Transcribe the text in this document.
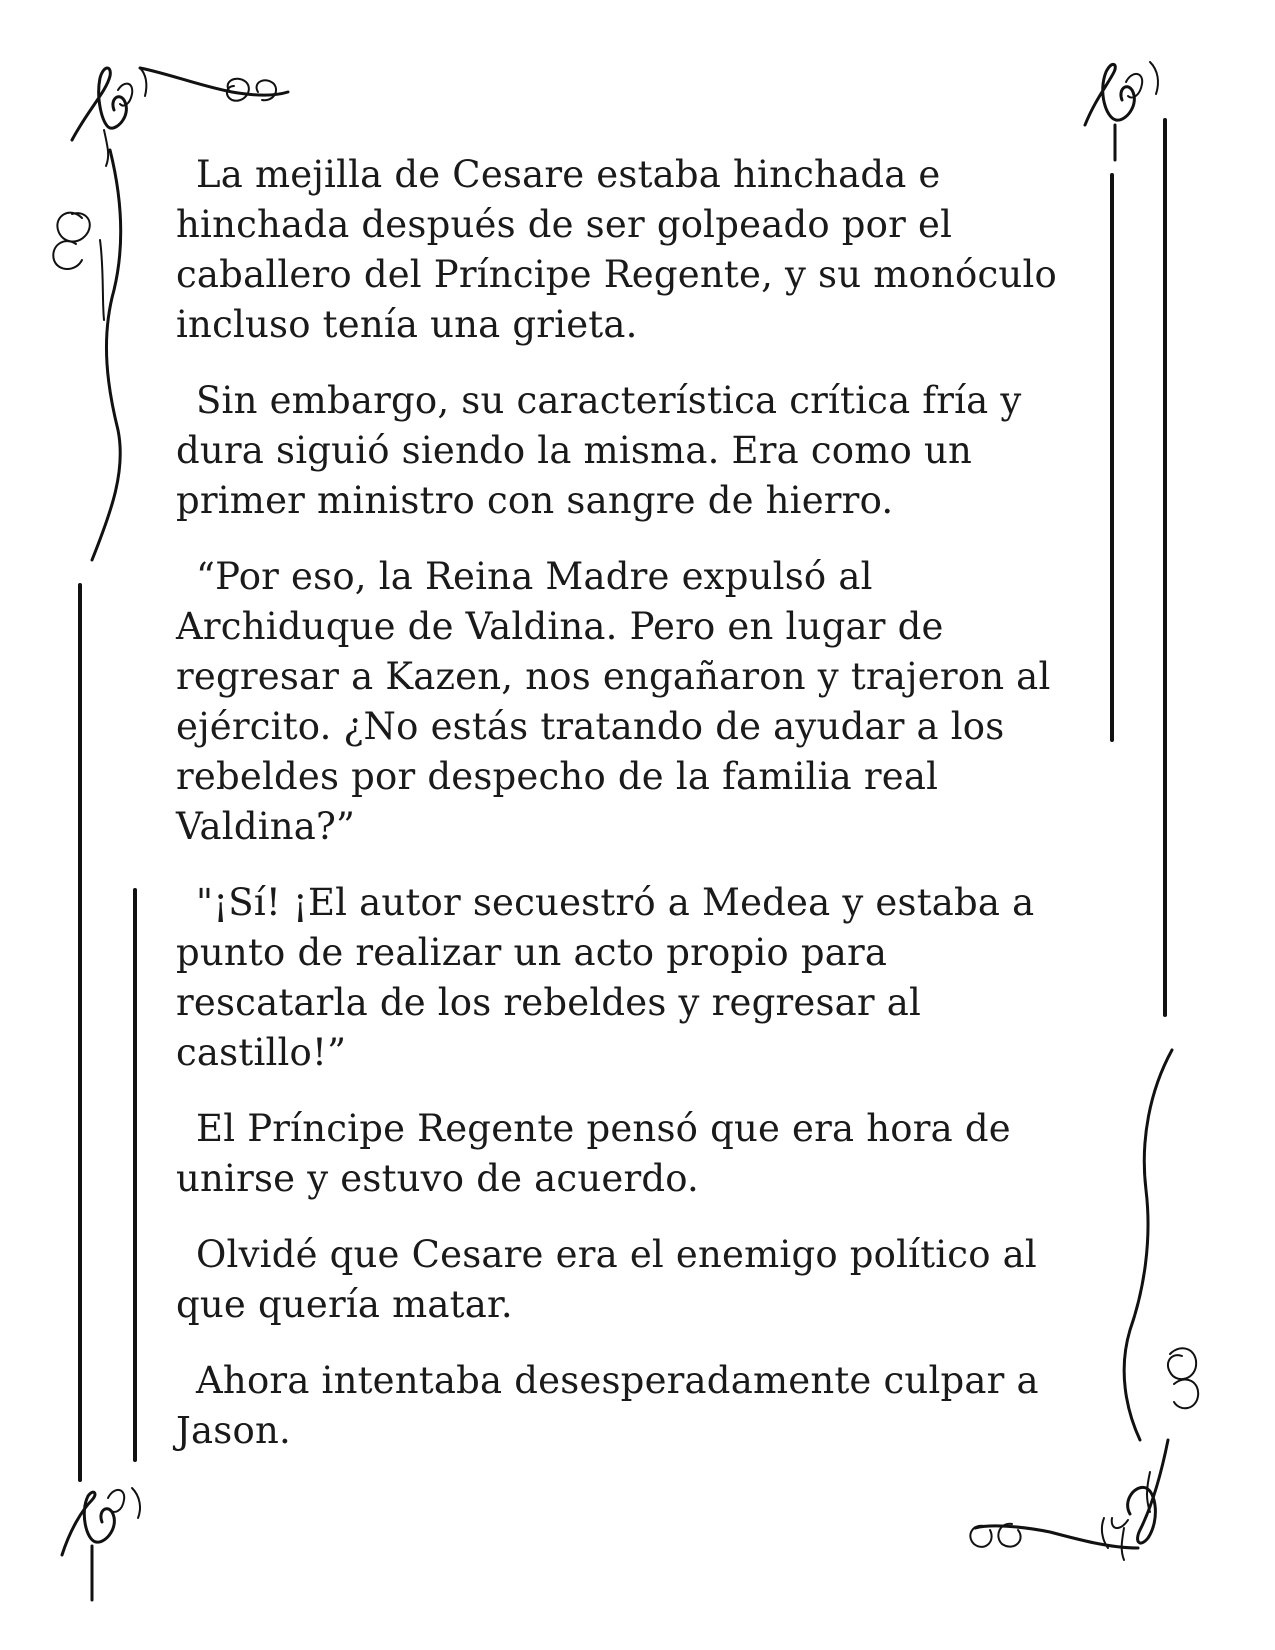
La mejilla de Cesare estaba hinchada e hinchada después de ser golpeado por el caballero del Príncipe Regente, y su monóculo incluso tenía una grieta.

Sin embargo, su característica crítica fría y dura siguió siendo la misma. Era como un primer ministro con sangre de hierro.

“Por eso, la Reina Madre expulsó al Archiduque de Valdina. Pero en lugar de regresar a Kazen, nos engañaron y trajeron al ejército. ¿No estás tratando de ayudar a los rebeldes por despecho de la familia real Valdina?”

"¡Sí! ¡El autor secuestró a Medea y estaba a punto de realizar un acto propio para rescatarla de los rebeldes y regresar al castillo!”

El Príncipe Regente pensó que era hora de unirse y estuvo de acuerdo.

Olvidé que Cesare era el enemigo político al que quería matar.

Ahora intentaba desesperadamente culpar a Jason.
